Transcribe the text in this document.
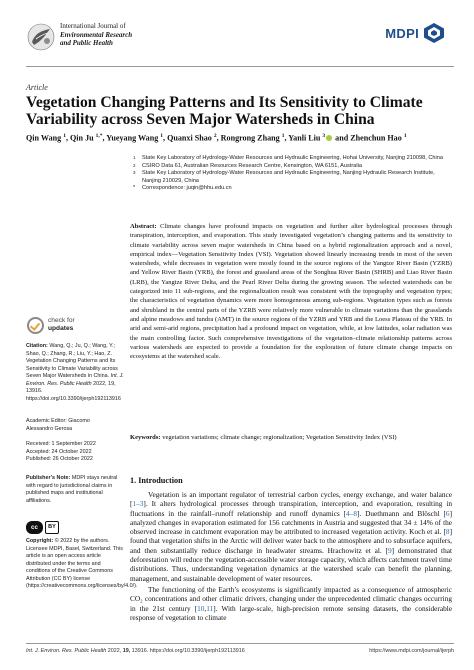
International Journal of
Environmental Research
and Public Health
MDPI
Article
Vegetation Changing Patterns and Its Sensitivity to Climate Variability across Seven Major Watersheds in China
Qin Wang $^1$, Qin Ju $^{1,*}$, Yueyang Wang $^1$, Quanxi Shao $^2$, Rongrong Zhang $^1$, Yanli Liu $^3$ and Zhenchun Hao $^1$
1 State Key Laboratory of Hydrology-Water Resources and Hydraulic Engineering, Hohai University, Nanjing 210098, China
2 CSIRO Data 61, Australian Resources Research Centre, Kensington, WA 6151, Australia
3 State Key Laboratory of Hydrology-Water Resources and Hydraulic Engineering, Nanjing Hydraulic Research Institute, Nanjing 210029, China
* Correspondence: juqin@hhu.edu.cn
Abstract: Climate changes have profound impacts on vegetation and further alter hydrological processes through transpiration, interception, and evaporation. This study investigated vegetation’s changing patterns and its sensitivity to climate variability across seven major watersheds in China based on a hybrid regionalization approach and a novel, empirical index—Vegetation Sensitivity Index (VSI). Vegetation showed linearly increasing trends in most of the seven watersheds, while decreases in vegetation were mostly found in the source regions of the Yangtze River Basin (YZRB) and Yellow River Basin (YRB), the forest and grassland areas of the Songhua River Basin (SHRB) and Liao River Basin (LRB), the Yangtze River Delta, and the Pearl River Delta during the growing season. The selected watersheds can be categorized into 11 sub-regions, and the regionalization result was consistent with the topography and vegetation types; the characteristics of vegetation dynamics were more homogeneous among sub-regions. Vegetation types such as forests and shrubland in the central parts of the YZRB were relatively more vulnerable to climate variations than the grasslands and alpine meadows and tundra (AMT) in the source regions of the YZRB and YRB and the Loess Plateau of the YRB. In arid and semi-arid regions, precipitation had a profound impact on vegetation, while, at low latitudes, solar radiation was the main controlling factor. Such comprehensive investigations of the vegetation–climate relationship patterns across various watersheds are expected to provide a foundation for the exploration of future climate change impacts on ecosystems at the watershed scale.
Keywords: vegetation variations; climate change; regionalization; Vegetation Sensitivity Index (VSI)
check for
updates
Citation: Wang, Q.; Ju, Q.; Wang, Y.; Shao, Q.; Zhang, R.; Liu, Y.; Hao, Z. Vegetation Changing Patterns and Its Sensitivity to Climate Variability across Seven Major Watersheds in China. Int. J. Environ. Res. Public Health 2022, 19, 13916. https://doi.org/10.3390/ijerph192113916
Academic Editor: Giacomo
Alessandro Gerosa
Received: 1 September 2022
Accepted: 24 October 2022
Published: 26 October 2022
Publisher’s Note: MDPI stays neutral with regard to jurisdictional claims in published maps and institutional affiliations.
cc	BY
Copyright: © 2022 by the authors. Licensee MDPI, Basel, Switzerland. This article is an open access article distributed under the terms and conditions of the Creative Commons Attribution (CC BY) license (https://creativecommons.org/licenses/by/4.0/).
1. Introduction

Vegetation is an important regulator of terrestrial carbon cycles, energy exchange, and water balance [1–3]. It alters hydrological processes through transpiration, interception, and evaporation, resulting in fluctuations in the rainfall–runoff relationship and runoff dynamics [4–8]. Duethmann and Blöschl [6] analyzed changes in evaporation estimated for 156 catchments in Austria and suggested that 34 ± 14% of the observed increase in catchment evaporation may be attributed to increased vegetation activity. Koch et al. [8] found that vegetation shifts in the Arctic will deliver water back to the atmosphere and to subsurface aquifers, and then substantially reduce discharge in headwater streams. Hrachowitz et al. [9] demonstrated that deforestation will reduce the vegetation-accessible water storage capacity, which affects catchment travel time distributions. Thus, understanding vegetation dynamics at the watershed scale can benefit the planning, management, and sustainable development of water resources.

The functioning of the Earth’s ecosystems is significantly impacted as a consequence of atmospheric CO₂ concentrations and other climatic drivers, changing under the unprecedented climatic changes occurring in the 21st century [10,11]. With large-scale, high-precision remote sensing datasets, the considerable response of vegetation to climate

Int. J. Environ. Res. Public Health 2022, 19, 13916. https://doi.org/10.3390/ijerph192113916	https://www.mdpi.com/journal/ijerph
